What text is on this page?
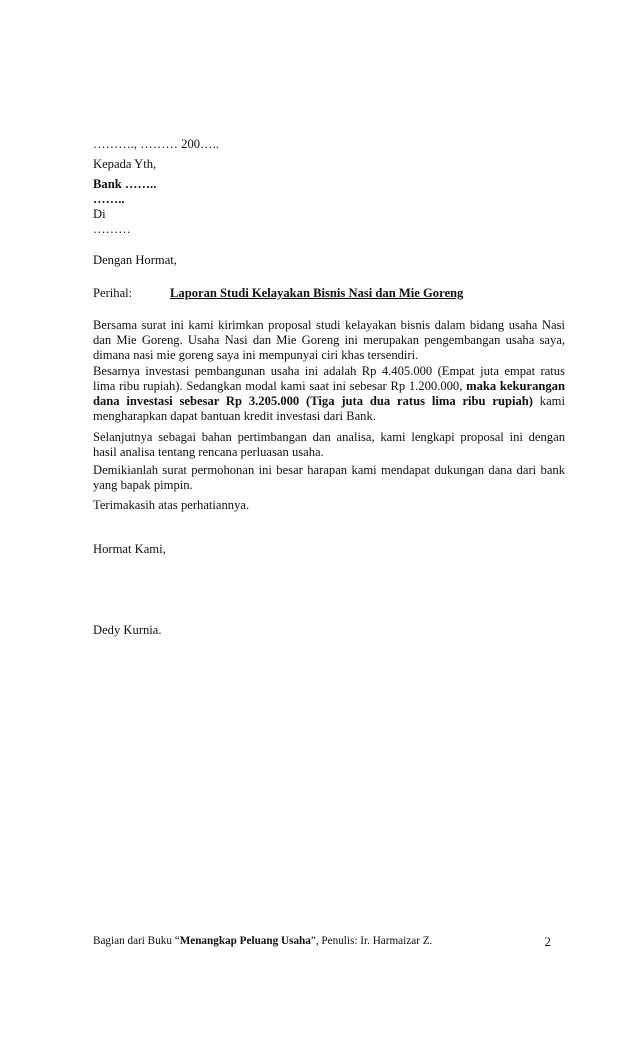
………., ……… 200…..
Kepada Yth,
Bank ……..
……..
Di
………
Dengan Hormat,
Perihal:	Laporan Studi Kelayakan Bisnis Nasi dan Mie Goreng
Bersama surat ini kami kirimkan proposal studi kelayakan bisnis dalam bidang usaha Nasi dan Mie Goreng. Usaha Nasi dan Mie Goreng ini merupakan pengembangan usaha saya, dimana nasi mie goreng saya ini mempunyai ciri khas tersendiri.
Besarnya investasi pembangunan usaha ini adalah Rp 4.405.000 (Empat juta empat ratus lima ribu rupiah). Sedangkan modal kami saat ini sebesar Rp 1.200.000, maka kekurangan dana investasi sebesar Rp 3.205.000 (Tiga juta dua ratus lima ribu rupiah) kami mengharapkan dapat bantuan kredit investasi dari Bank.
Selanjutnya sebagai bahan pertimbangan dan analisa, kami lengkapi proposal ini dengan hasil analisa tentang rencana perluasan usaha.
Demikianlah surat permohonan ini besar harapan kami mendapat dukungan dana dari bank yang bapak pimpin.
Terimakasih atas perhatiannya.
Hormat Kami,
Dedy Kurnia.
Bagian dari Buku “Menangkap Peluang Usaha”, Penulis: Ir. Harmaizar Z.	2
